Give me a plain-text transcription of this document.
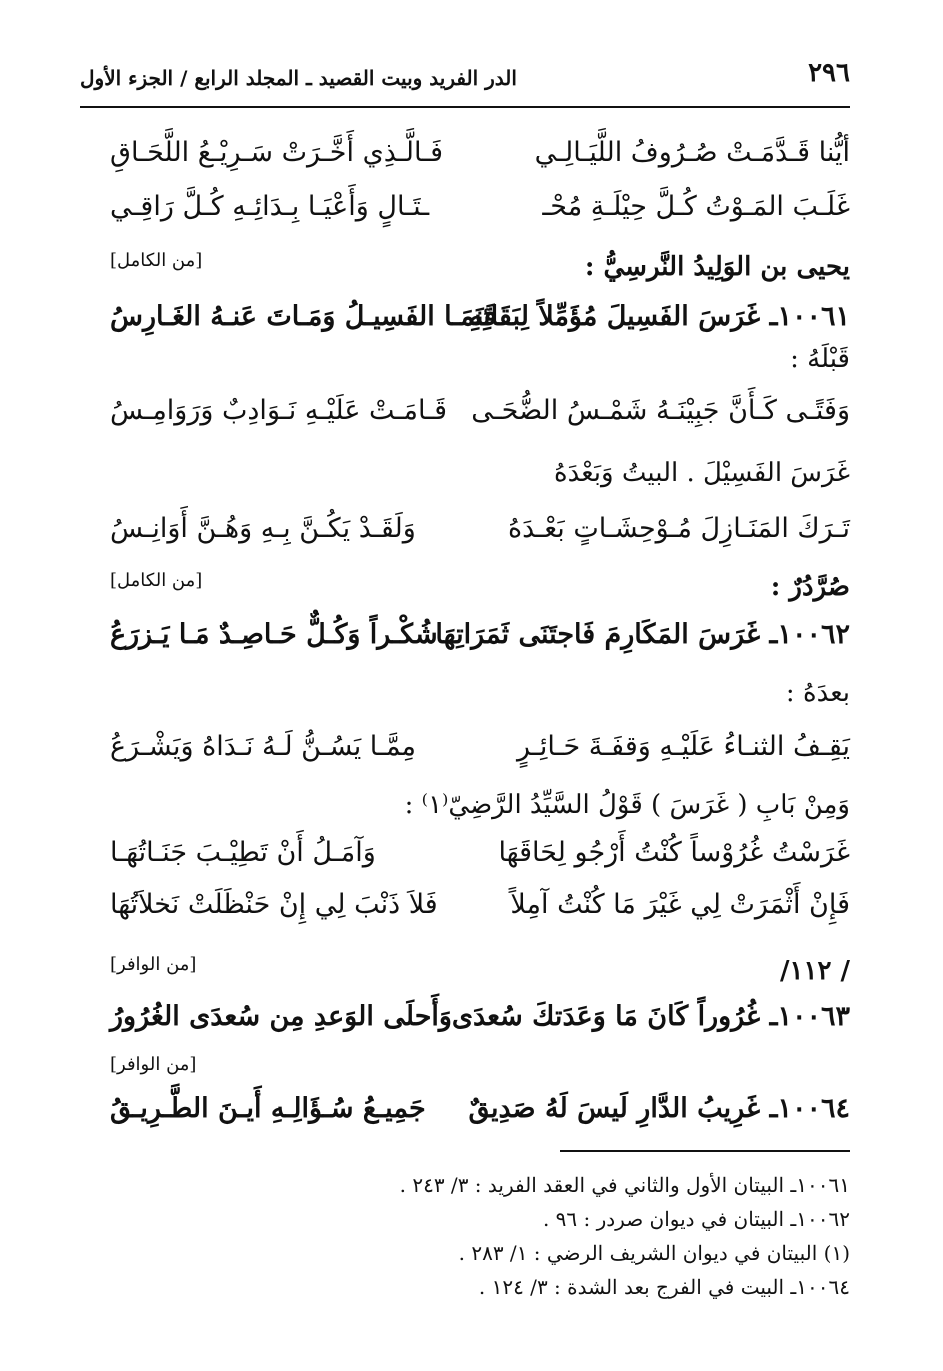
٢٩٦
الدر الفريد وبيت القصيد ـ المجلد الرابع / الجزء الأول
أيُّنا قَـدَّمَـتْ صُـرُوفُ اللَّيَـالِـي
فَـالَّـذِي أَخَّـرَتْ سَـرِيْـعُ اللَّحَـاقِ
غَلَـبَ المَـوْتُ كُـلَّ حِيْلَـةِ مُحْـ
ـتَـالٍ وَأَعْيَـا بِـدَائِـهِ كُـلَّ رَاقِـي
يحيى بن الوَلِيدُ النَّرسِيُّ :
[من الكامل]
١٠٠٦١ـ غَرَسَ الفَسِيلَ مُؤَمِّلاً لِبَقَائِهِ
فَنَمَـا الفَسِيـلُ وَمَـاتَ عَنـهُ الغَـارِسُ
قَبْلَهُ :
وَفَتًـى كَـأَنَّ جَبِيْنَـهُ شَمْـسُ الضُّحَـى
قَـامَـتْ عَلَيْـهِ نَـوَادِبٌ وَرَوَامِـسُ
غَرَسَ الفَسِيْلَ . البيتُ وَبَعْدَهُ
تَـرَكَ المَنَـازِلَ مُـوْحِشَـاتٍ بَعْـدَهُ
وَلَقَـدْ يَكُـنَّ بِـهِ وَهُـنَّ أَوَانِـسُ
صُرَّدُرٌ :
[من الكامل]
١٠٠٦٢ـ غَرَسَ المَكَارِمَ فَاجتَنَى ثَمَرَاتِهَا
شُكْـراً وَكُـلٌّ حَـاصِـدٌ مَـا يَـزرَعُ
بعدَهُ :
يَقِـفُ الثنـاءُ عَلَيْـهِ وَقفَـةَ حَـائِـرٍ
مِمَّـا يَسُـنُّ لَـهُ نَـدَاهُ وَيَشْـرَعُ
وَمِنْ بَابِ ( غَرَسَ ) قَوْلُ السَّيِّدُ الرَّضِيّ⁽١⁾ :
غَرَسْتُ غُرُوْساً كُنْتُ أَرْجُو لِحَاقَهَا
وَآمَـلُ أَنْ تَطِيْـبَ جَنَـاتُهَـا
فَإِنْ أَثْمَرَتْ لِي غَيْرَ مَا كُنْتُ آمِلاً
فَلاَ ذَنْبَ لِي إِنْ حَنْظَلَتْ نَخلاَتُهَا
/ ١١٢/
[من الوافر]
١٠٠٦٣ـ غُرُوراً كَانَ مَا وَعَدَتكَ سُعدَى
وَأَحلَى الوَعدِ مِن سُعدَى الغُرُورُ
[من الوافر]
١٠٠٦٤ـ غَرِيبُ الدَّارِ لَيسَ لَهُ صَدِيقٌ
جَمِيـعُ سُـؤَالِـهِ أَيـنَ الطَّـرِيـقُ
١٠٠٦١ـ البيتان الأول والثاني في العقد الفريد : ٣/ ٢٤٣ .
١٠٠٦٢ـ البيتان في ديوان صردر : ٩٦ .
(١) البيتان في ديوان الشريف الرضي : ١/ ٢٨٣ .
١٠٠٦٤ـ البيت في الفرج بعد الشدة : ٣/ ١٢٤ .
